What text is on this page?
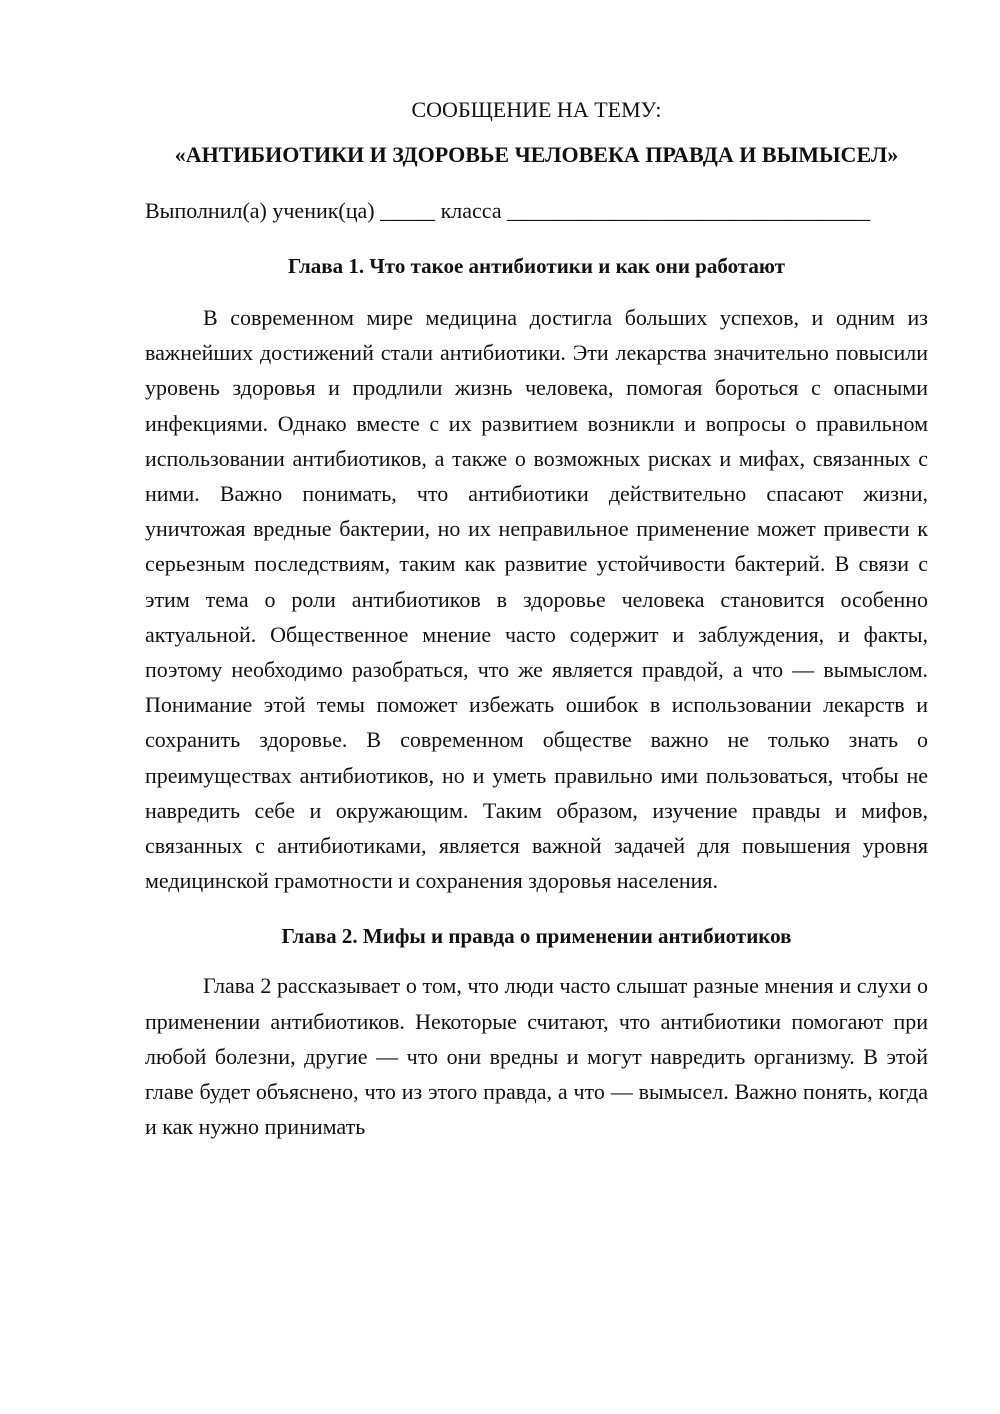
СООБЩЕНИЕ НА ТЕМУ:

«АНТИБИОТИКИ И ЗДОРОВЬЕ ЧЕЛОВЕКА ПРАВДА И ВЫМЫСЕЛ»

Выполнил(а) ученик(ца) _____ класса _________________________________

Глава 1. Что такое антибиотики и как они работают

В современном мире медицина достигла больших успехов, и одним из важнейших достижений стали антибиотики. Эти лекарства значительно повысили уровень здоровья и продлили жизнь человека, помогая бороться с опасными инфекциями. Однако вместе с их развитием возникли и вопросы о правильном использовании антибиотиков, а также о возможных рисках и мифах, связанных с ними. Важно понимать, что антибиотики действительно спасают жизни, уничтожая вредные бактерии, но их неправильное применение может привести к серьезным последствиям, таким как развитие устойчивости бактерий. В связи с этим тема о роли антибиотиков в здоровье человека становится особенно актуальной. Общественное мнение часто содержит и заблуждения, и факты, поэтому необходимо разобраться, что же является правдой, а что — вымыслом. Понимание этой темы поможет избежать ошибок в использовании лекарств и сохранить здоровье. В современном обществе важно не только знать о преимуществах антибиотиков, но и уметь правильно ими пользоваться, чтобы не навредить себе и окружающим. Таким образом, изучение правды и мифов, связанных с антибиотиками, является важной задачей для повышения уровня медицинской грамотности и сохранения здоровья населения.

Глава 2. Мифы и правда о применении антибиотиков

Глава 2 рассказывает о том, что люди часто слышат разные мнения и слухи о применении антибиотиков. Некоторые считают, что антибиотики помогают при любой болезни, другие — что они вредны и могут навредить организму. В этой главе будет объяснено, что из этого правда, а что — вымысел. Важно понять, когда и как нужно принимать
